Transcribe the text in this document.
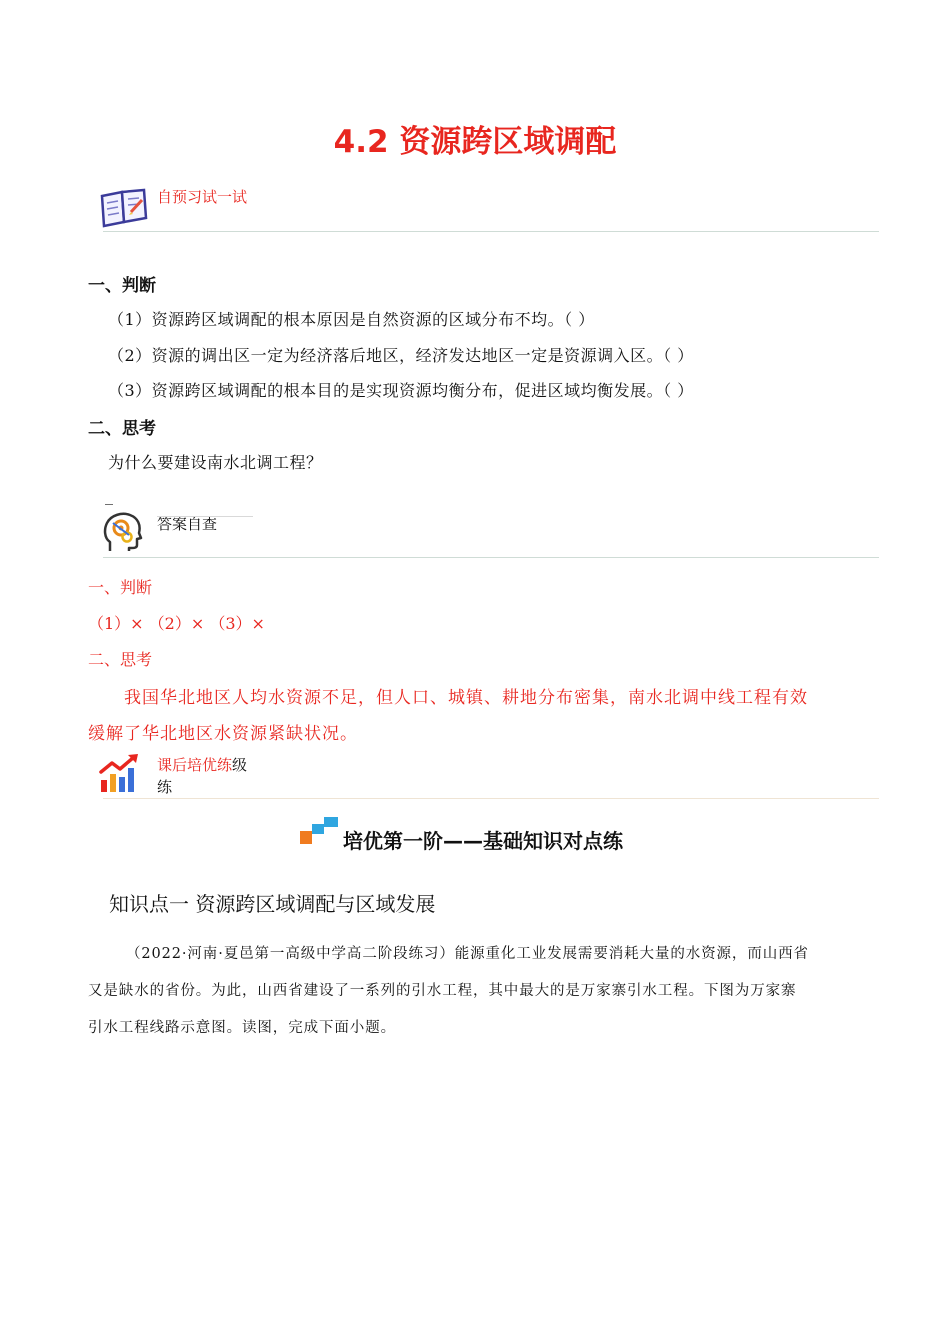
4.2 资源跨区域调配
自预习试一试
一、判断
（1）资源跨区域调配的根本原因是自然资源的区域分布不均。（ ）
（2）资源的调出区一定为经济落后地区，经济发达地区一定是资源调入区。（ ）
（3）资源跨区域调配的根本目的是实现资源均衡分布，促进区域均衡发展。（ ）
二、思考
为什么要建设南水北调工程？
_
答案自查
一、判断
（1）× （2）× （3）×
二、思考
我国华北地区人均水资源不足，但人口、城镇、耕地分布密集，南水北调中线工程有效
缓解了华北地区水资源紧缺状况。
课后培优练级
练
培优第一阶——基础知识对点练
知识点一 资源跨区域调配与区域发展
（2022·河南·夏邑第一高级中学高二阶段练习）能源重化工业发展需要消耗大量的水资源，而山西省
又是缺水的省份。为此，山西省建设了一系列的引水工程，其中最大的是万家寨引水工程。下图为万家寨
引水工程线路示意图。读图，完成下面小题。
